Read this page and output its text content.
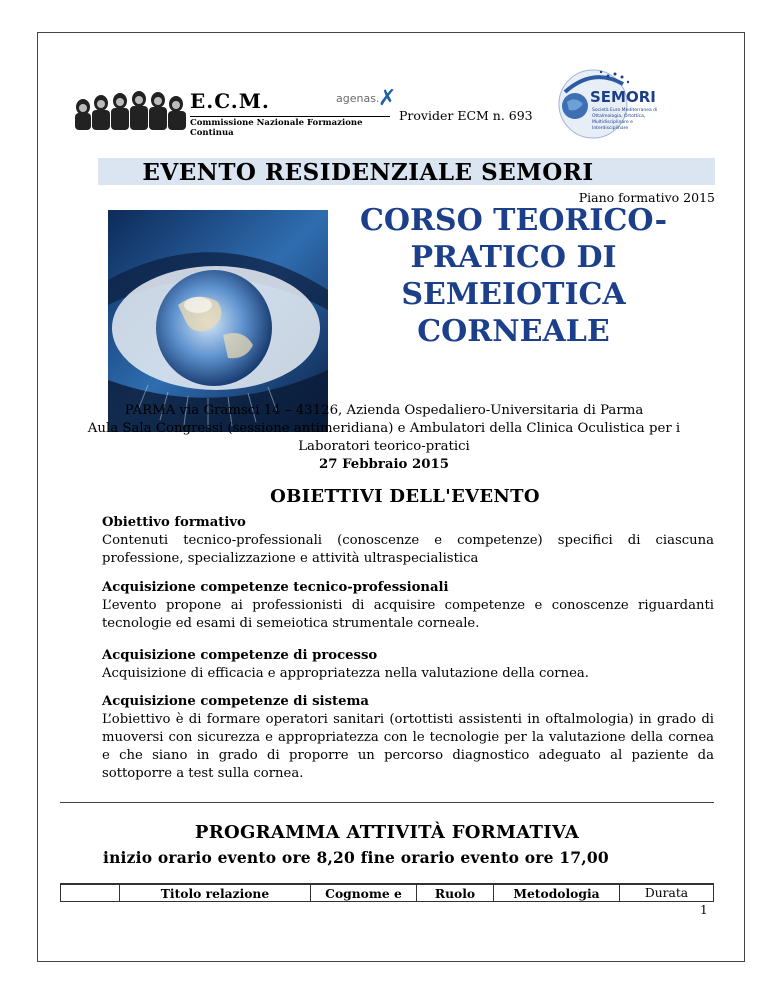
E.C.M.
Commissione Nazionale Formazione Continua
agenas.
✗
Provider ECM n. 693
SEMORI
Società Euro Mediterranea di Ottalmologia, Ortottica, Multidisciplinare e Interdisciplinare
EVENTO RESIDENZIALE SEMORI
Piano formativo 2015
CORSO TEORICO-
PRATICO DI
SEMEIOTICA
CORNEALE
PARMA via Gramsci 14 – 43126, Azienda Ospedaliero-Universitaria di Parma
Aula Sala Congressi (sessione antimeridiana) e Ambulatori della Clinica Oculistica per i
Laboratori teorico-pratici
27 Febbraio 2015
OBIETTIVI DELL'EVENTO
Obiettivo formativo
Contenuti tecnico-professionali (conoscenze e competenze) specifici di ciascuna professione, specializzazione e attività ultraspecialistica
Acquisizione competenze tecnico-professionali
L’evento propone ai professionisti di acquisire competenze e conoscenze riguardanti tecnologie ed esami di semeiotica strumentale corneale.
Acquisizione competenze di processo
Acquisizione di efficacia e appropriatezza nella valutazione della cornea.
Acquisizione competenze di sistema
L’obiettivo è di formare operatori sanitari (ortottisti assistenti in oftalmologia) in grado di muoversi con sicurezza e appropriatezza con le tecnologie per la valutazione della cornea e che siano in grado di proporre un percorso diagnostico adeguato al paziente da sottoporre a test sulla cornea.
PROGRAMMA ATTIVITÀ FORMATIVA
inizio orario evento ore 8,20 fine orario evento ore 17,00
Titolo relazione	Cognome e	Ruolo	Metodologia	Durata
1
